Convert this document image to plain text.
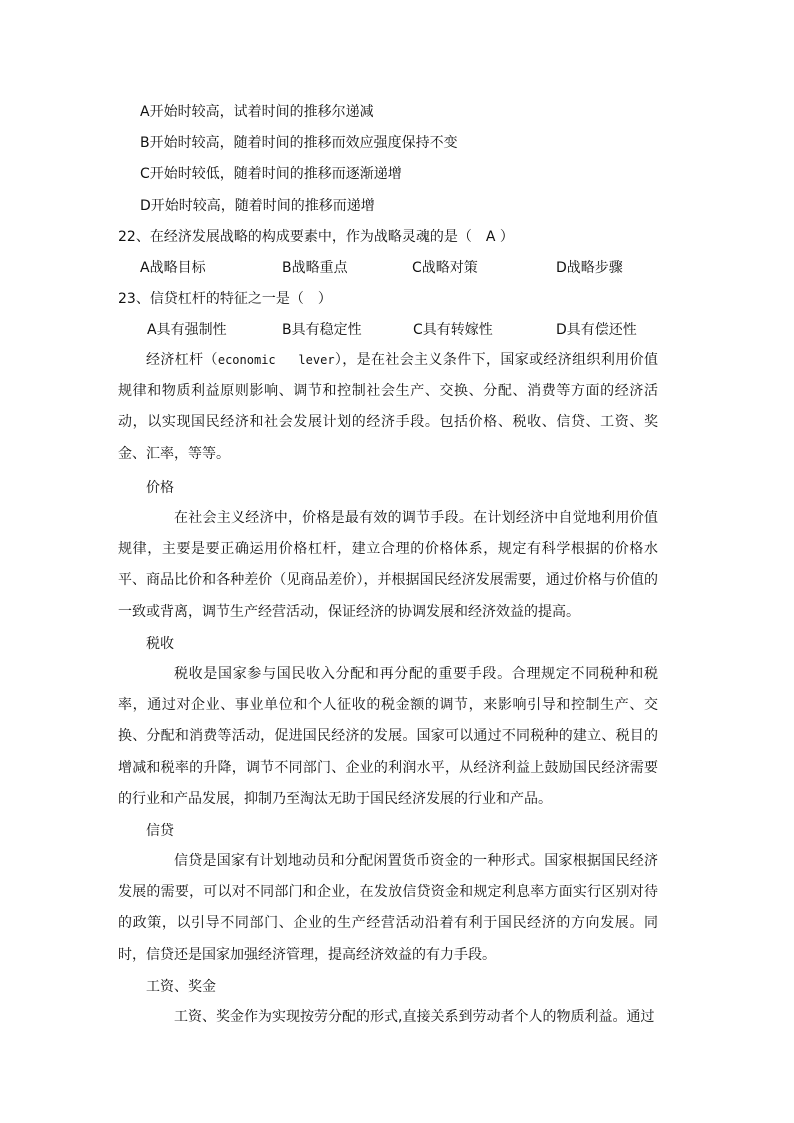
A开始时较高，试着时间的推移尔递减
B开始时较高，随着时间的推移而效应强度保持不变
C开始时较低，随着时间的推移而逐渐递增
D开始时较高，随着时间的推移而递增
22、在经济发展战略的构成要素中，作为战略灵魂的是（　A ）
A战略目标	B战略重点	C战略对策	D战略步骤
23、信贷杠杆的特征之一是（　）
A具有强制性	B具有稳定性	C具有转嫁性	D具有偿还性
经济杠杆（economic   lever），是在社会主义条件下，国家或经济组织利用价值规律和物质利益原则影响、调节和控制社会生产、交换、分配、消费等方面的经济活动，以实现国民经济和社会发展计划的经济手段。包括价格、税收、信贷、工资、奖金、汇率，等等。
价格
在社会主义经济中，价格是最有效的调节手段。在计划经济中自觉地利用价值规律，主要是要正确运用价格杠杆，建立合理的价格体系，规定有科学根据的价格水平、商品比价和各种差价（见商品差价），并根据国民经济发展需要，通过价格与价值的一致或背离，调节生产经营活动，保证经济的协调发展和经济效益的提高。
税收
税收是国家参与国民收入分配和再分配的重要手段。合理规定不同税种和税率，通过对企业、事业单位和个人征收的税金额的调节，来影响引导和控制生产、交换、分配和消费等活动，促进国民经济的发展。国家可以通过不同税种的建立、税目的增减和税率的升降，调节不同部门、企业的利润水平，从经济利益上鼓励国民经济需要的行业和产品发展，抑制乃至淘汰无助于国民经济发展的行业和产品。
信贷
信贷是国家有计划地动员和分配闲置货币资金的一种形式。国家根据国民经济发展的需要，可以对不同部门和企业，在发放信贷资金和规定利息率方面实行区别对待的政策，以引导不同部门、企业的生产经营活动沿着有利于国民经济的方向发展。同时，信贷还是国家加强经济管理，提高经济效益的有力手段。
工资、奖金
工资、奖金作为实现按劳分配的形式,直接关系到劳动者个人的物质利益。通过
